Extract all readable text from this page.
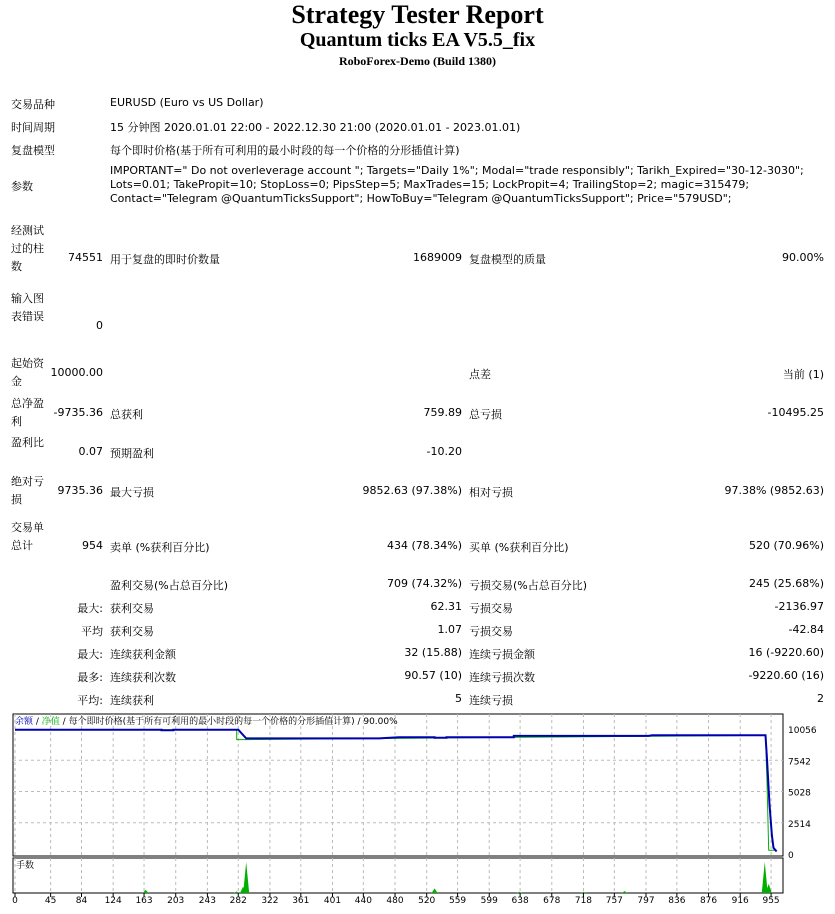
Strategy Tester Report
Quantum ticks EA V5.5_fix
RoboForex-Demo (Build 1380)
交易品种	EURUSD (Euro vs US Dollar)
时间周期	15 分钟图 2020.01.01 22:00 - 2022.12.30 21:00 (2020.01.01 - 2023.01.01)
复盘模型	每个即时价格(基于所有可利用的最小时段的每一个价格的分形插值计算)
参数
IMPORTANT=" Do not overleverage account "; Targets="Daily 1%"; Modal="trade responsibly"; Tarikh_Expired="30-12-3030";
Lots=0.01; TakePropit=10; StopLoss=0; PipsStep=5; MaxTrades=15; LockPropit=4; TrailingStop=2; magic=315479;
Contact="Telegram @QuantumTicksSupport"; HowToBuy="Telegram @QuantumTicksSupport"; Price="579USD";
经测试过的柱数
74551 用于复盘的即时价数量	1689009 复盘模型的质量	90.00%
输入图表错误
0
起始资金
10000.00	点差	当前 (1)
总净盈利
-9735.36 总获利	759.89 总亏损	-10495.25
盈利比
0.07 预期盈利	-10.20
绝对亏损
9735.36 最大亏损	9852.63 (97.38%) 相对亏损	97.38% (9852.63)
交易单总计	954 卖单 (%获利百分比)	434 (78.34%) 买单 (%获利百分比)	520 (70.96%)
盈利交易(%占总百分比)	709 (74.32%) 亏损交易(%占总百分比)	245 (25.68%)
最大: 获利交易	62.31 亏损交易	-2136.97
平均 获利交易	1.07 亏损交易	-42.84
最大: 连续获利金额	32 (15.88) 连续亏损金额	16 (-9220.60)
最多: 连续获利次数	90.57 (10) 连续亏损次数	-9220.60 (16)
平均: 连续获利	5 连续亏损	2
10056
7542
5028
2514
0
0	45 84 124 163 203 243 282 322 361 401 440 480 520 559 599 638 678 718 757 797 836 876 916 955
余额 / 净值 / 每个即时价格(基于所有可利用的最小时段的每一个价格的分形插值计算) / 90.00%
手数
